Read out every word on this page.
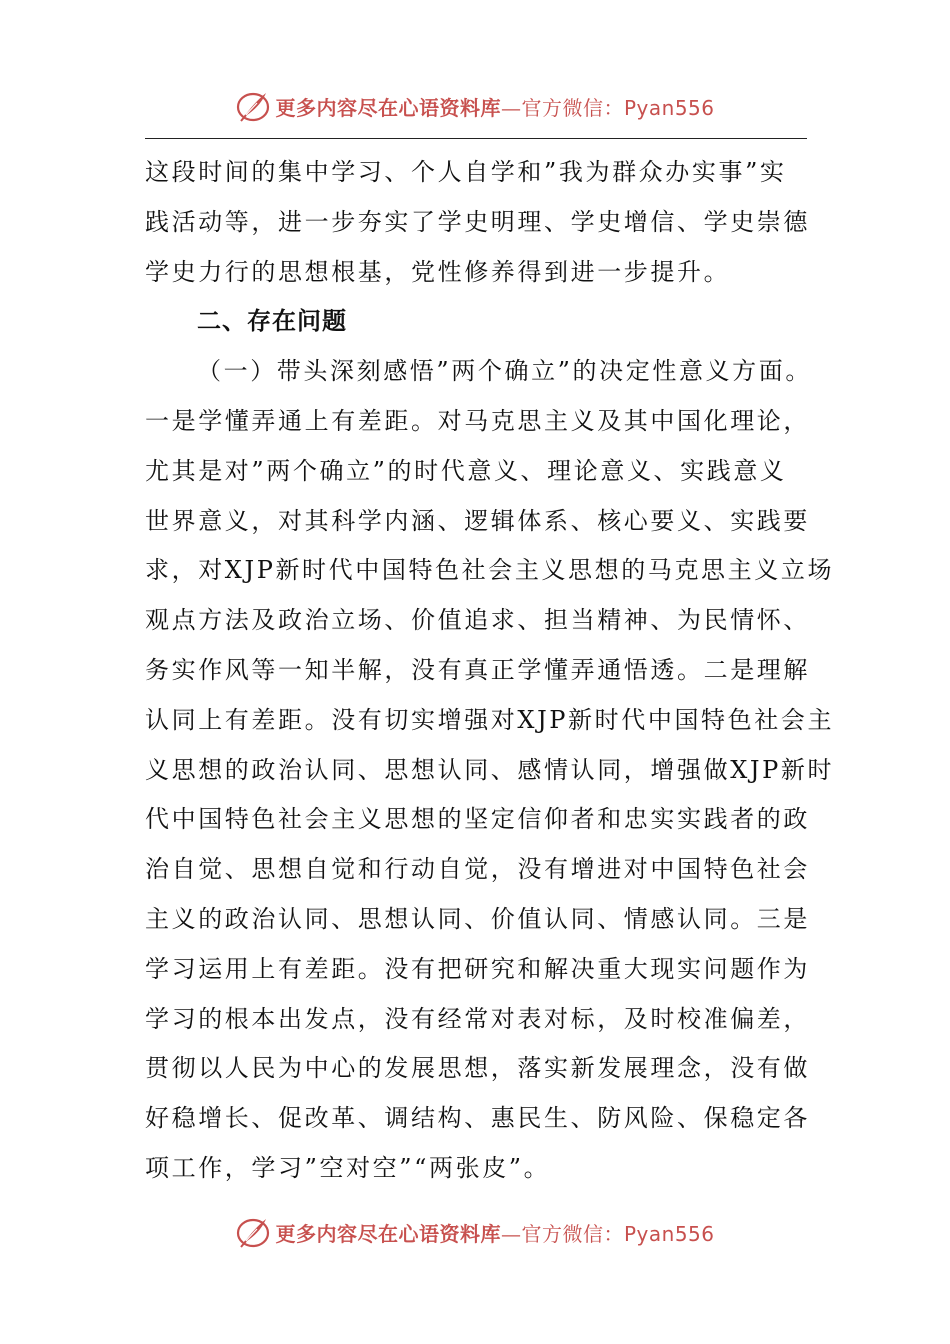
更多内容尽在心语资料库—官方微信：Pyan556
这段时间的集中学习、个人自学和”我为群众办实事”实
践活动等，进一步夯实了学史明理、学史增信、学史崇德
学史力行的思想根基，党性修养得到进一步提升。
二、存在问题
（一）带头深刻感悟”两个确立”的决定性意义方面。
一是学懂弄通上有差距。对马克思主义及其中国化理论，
尤其是对”两个确立”的时代意义、理论意义、实践意义
世界意义，对其科学内涵、逻辑体系、核心要义、实践要
求，对XJP新时代中国特色社会主义思想的马克思主义立场
观点方法及政治立场、价值追求、担当精神、为民情怀、
务实作风等一知半解，没有真正学懂弄通悟透。二是理解
认同上有差距。没有切实增强对XJP新时代中国特色社会主
义思想的政治认同、思想认同、感情认同，增强做XJP新时
代中国特色社会主义思想的坚定信仰者和忠实实践者的政
治自觉、思想自觉和行动自觉，没有增进对中国特色社会
主义的政治认同、思想认同、价值认同、情感认同。三是
学习运用上有差距。没有把研究和解决重大现实问题作为
学习的根本出发点，没有经常对表对标，及时校准偏差，
贯彻以人民为中心的发展思想，落实新发展理念，没有做
好稳增长、促改革、调结构、惠民生、防风险、保稳定各
项工作，学习”空对空”“两张皮”。
更多内容尽在心语资料库—官方微信：Pyan556
